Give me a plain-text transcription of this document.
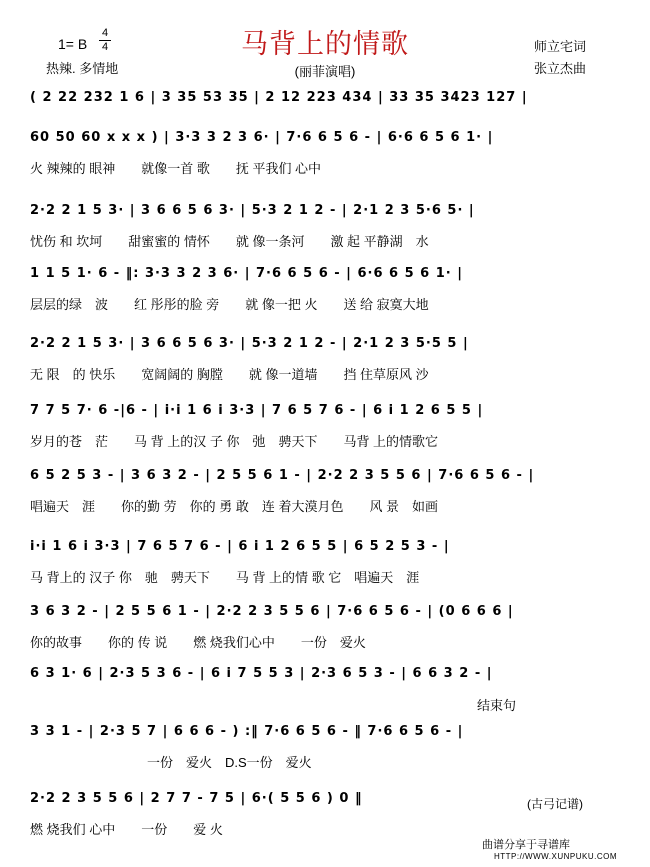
马背上的情歌
(丽菲演唱)
1= B
4
4
热辣. 多情地
师立宅词
张立杰曲
( 2 22 232 1 6 | 3 35 53 35 | 2 12 223 434 | 33 35 3423 127 |
60 50 60 x x x ) | 3·3 3 2 3 6· | 7·6 6 5 6 - | 6·6 6 5 6 1· |
火 辣辣的 眼神　　就像一首 歌　　抚 平我们 心中
2·2 2 1 5 3· | 3 6 6 5 6 3· | 5·3 2 1 2 - | 2·1 2 3 5·6 5· |
忧伤 和 坎坷　　甜蜜蜜的 情怀　　就 像一条河　　激 起 平静湖　水
1 1 5 1· 6 - ‖: 3·3 3 2 3 6· | 7·6 6 5 6 - | 6·6 6 5 6 1· |
层层的绿　波　　红 彤彤的脸 旁　　就 像一把 火　　送 给 寂寞大地
2·2 2 1 5 3· | 3 6 6 5 6 3· | 5·3 2 1 2 - | 2·1 2 3 5·5 5 |
无 限　的 快乐　　宽阔阔的 胸膛　　就 像一道墙　　挡 住草原风 沙
7 7 5 7· 6 -|6 - | i·i 1 6 i 3·3 | 7 6 5 7 6 - | 6 i 1 2 6 5 5 |
岁月的苍　茫　　马 背 上的汉 子 你　弛　骋天下　　马背 上的情歌它
6 5 2 5 3 - | 3 6 3 2 - | 2 5 5 6 1 - | 2·2 2 3 5 5 6 | 7·6 6 5 6 - |
唱遍天　涯　　你的勤 劳　你的 勇 敢　连 着大漠月色　　风 景　如画
i·i 1 6 i 3·3 | 7 6 5 7 6 - | 6 i 1 2 6 5 5 | 6 5 2 5 3 - |
马 背上的 汉子 你　驰　骋天下　　马 背 上的情 歌 它　唱遍天　涯
3 6 3 2 - | 2 5 5 6 1 - | 2·2 2 3 5 5 6 | 7·6 6 5 6 - | (0 6 6 6 |
你的故事　　你的 传 说　　燃 烧我们心中　　一份　爱火
6 3 1· 6 | 2·3 5 3 6 - | 6 i 7 5 5 3 | 2·3 6 5 3 - | 6 6 3 2 - |
3 3 1 - | 2·3 5 7 | 6 6 6 - ) :‖ 7·6 6 5 6 - ‖ 7·6 6 5 6 - |
　　　　　　　　　一份　爱火　D.S一份　爱火
2·2 2 3 5 5 6 | 2 7 7 - 7 5 | 6·( 5 5 6 ) 0 ‖
燃 烧我们 心中　　一份　　爱 火
结束句
(古弓记谱)
曲谱分享于寻谱库
HTTP://WWW.XUNPUKU.COM
